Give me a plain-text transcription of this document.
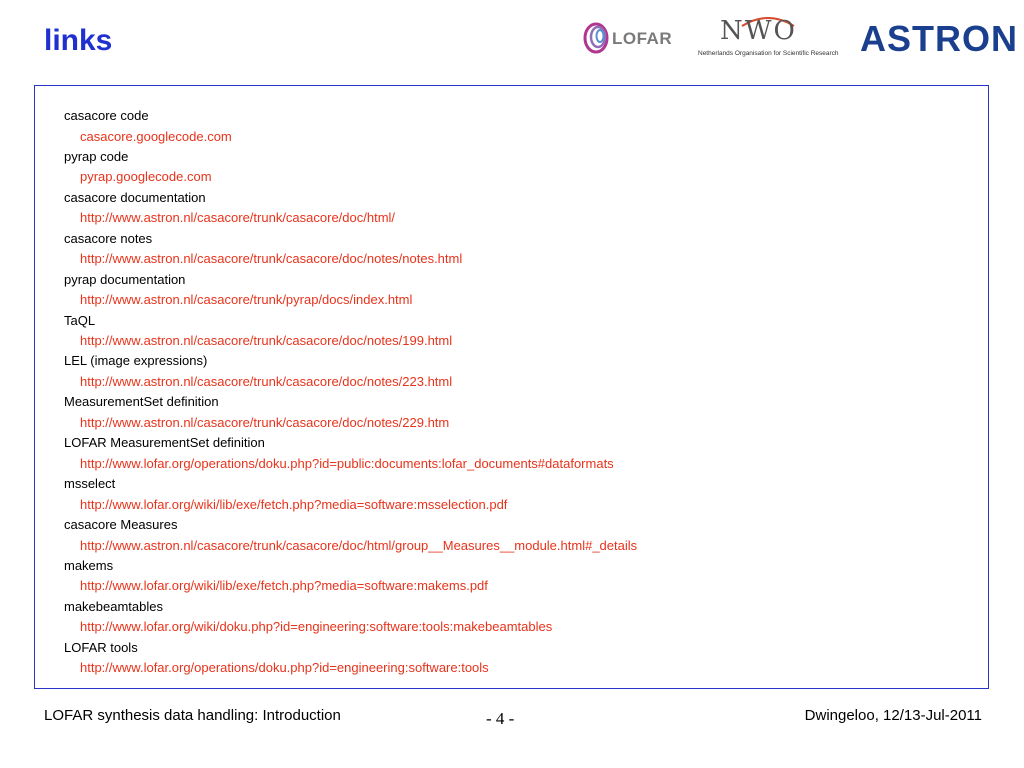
links	LOFAR NWO
Netherlands Organisation for Scientific Research ASTRON
casacore code
casacore.googlecode.com
pyrap code
pyrap.googlecode.com
casacore documentation
http://www.astron.nl/casacore/trunk/casacore/doc/html/
casacore notes
http://www.astron.nl/casacore/trunk/casacore/doc/notes/notes.html
pyrap documentation
http://www.astron.nl/casacore/trunk/pyrap/docs/index.html
TaQL
http://www.astron.nl/casacore/trunk/casacore/doc/notes/199.html
LEL (image expressions)
http://www.astron.nl/casacore/trunk/casacore/doc/notes/223.html
MeasurementSet definition
http://www.astron.nl/casacore/trunk/casacore/doc/notes/229.htm
LOFAR MeasurementSet definition
http://www.lofar.org/operations/doku.php?id=public:documents:lofar_documents#dataformats
msselect
http://www.lofar.org/wiki/lib/exe/fetch.php?media=software:msselection.pdf
casacore Measures
http://www.astron.nl/casacore/trunk/casacore/doc/html/group__Measures__module.html#_details
makems
http://www.lofar.org/wiki/lib/exe/fetch.php?media=software:makems.pdf
makebeamtables
http://www.lofar.org/wiki/doku.php?id=engineering:software:tools:makebeamtables
LOFAR tools
http://www.lofar.org/operations/doku.php?id=engineering:software:tools
LOFAR synthesis data handling: Introduction	- 4 -	Dwingeloo, 12/13-Jul-2011
